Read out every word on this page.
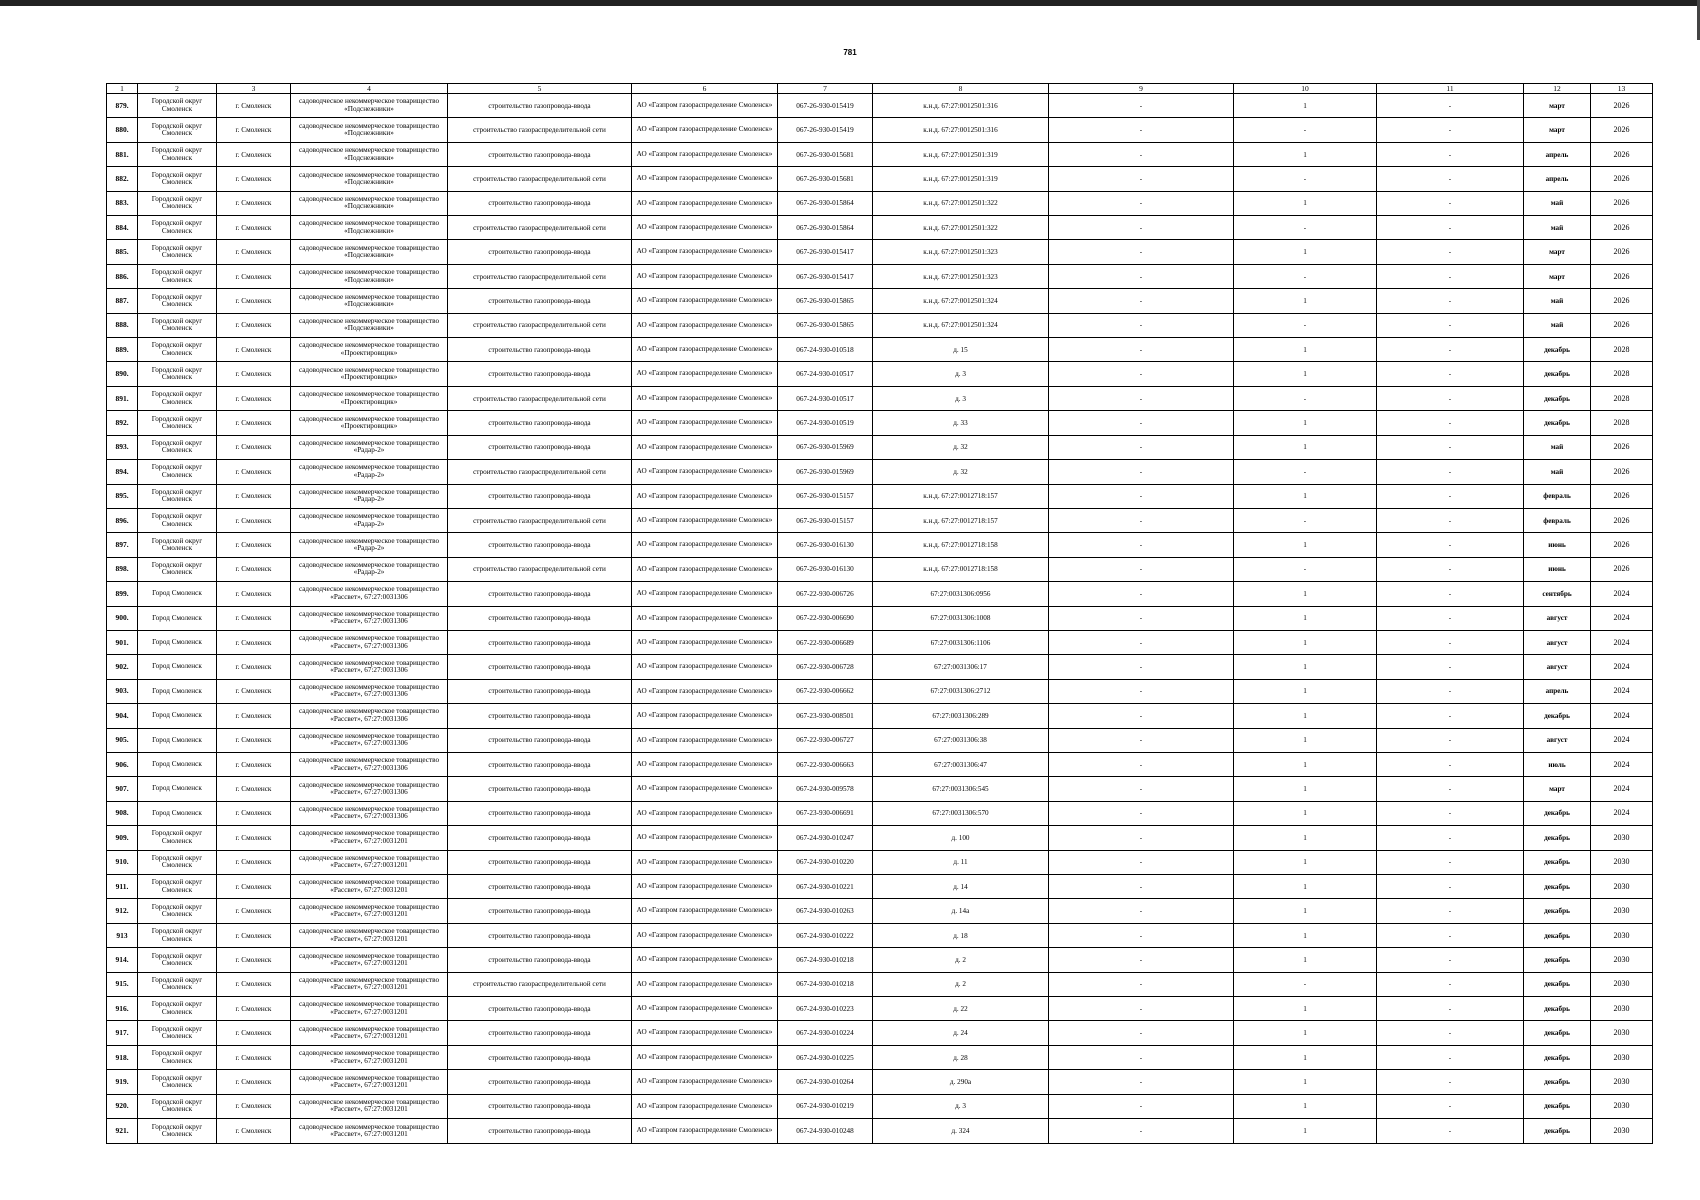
781
1	2	3	4	5	6	7	8	9	10	11	12	13
879.	Городской округ Смоленск	г. Смоленск	садоводческое некоммерческое товарищество «Подснежники»	строительство газопровода-ввода	АО «Газпром газораспределение Смоленск»	067-26-930-015419	к.н.д. 67:27:0012501:316	-	1	-	март	2026
880.	Городской округ Смоленск	г. Смоленск	садоводческое некоммерческое товарищество «Подснежники»	строительство газораспределительной сети	АО «Газпром газораспределение Смоленск»	067-26-930-015419	к.н.д. 67:27:0012501:316	-	-	-	март	2026
881.	Городской округ Смоленск	г. Смоленск	садоводческое некоммерческое товарищество «Подснежники»	строительство газопровода-ввода	АО «Газпром газораспределение Смоленск»	067-26-930-015681	к.н.д. 67:27:0012501:319	-	1	-	апрель	2026
882.	Городской округ Смоленск	г. Смоленск	садоводческое некоммерческое товарищество «Подснежники»	строительство газораспределительной сети	АО «Газпром газораспределение Смоленск»	067-26-930-015681	к.н.д. 67:27:0012501:319	-	-	-	апрель	2026
883.	Городской округ Смоленск	г. Смоленск	садоводческое некоммерческое товарищество «Подснежники»	строительство газопровода-ввода	АО «Газпром газораспределение Смоленск»	067-26-930-015864	к.н.д. 67:27:0012501:322	-	1	-	май	2026
884.	Городской округ Смоленск	г. Смоленск	садоводческое некоммерческое товарищество «Подснежники»	строительство газораспределительной сети	АО «Газпром газораспределение Смоленск»	067-26-930-015864	к.н.д. 67:27:0012501:322	-	-	-	май	2026
885.	Городской округ Смоленск	г. Смоленск	садоводческое некоммерческое товарищество «Подснежники»	строительство газопровода-ввода	АО «Газпром газораспределение Смоленск»	067-26-930-015417	к.н.д. 67:27:0012501:323	-	1	-	март	2026
886.	Городской округ Смоленск	г. Смоленск	садоводческое некоммерческое товарищество «Подснежники»	строительство газораспределительной сети	АО «Газпром газораспределение Смоленск»	067-26-930-015417	к.н.д. 67:27:0012501:323	-	-	-	март	2026
887.	Городской округ Смоленск	г. Смоленск	садоводческое некоммерческое товарищество «Подснежники»	строительство газопровода-ввода	АО «Газпром газораспределение Смоленск»	067-26-930-015865	к.н.д. 67:27:0012501:324	-	1	-	май	2026
888.	Городской округ Смоленск	г. Смоленск	садоводческое некоммерческое товарищество «Подснежники»	строительство газораспределительной сети	АО «Газпром газораспределение Смоленск»	067-26-930-015865	к.н.д. 67:27:0012501:324	-	-	-	май	2026
889.	Городской округ Смоленск	г. Смоленск	садоводческое некоммерческое товарищество «Проектировщик»	строительство газопровода-ввода	АО «Газпром газораспределение Смоленск»	067-24-930-010518	д. 15	-	1	-	декабрь	2028
890.	Городской округ Смоленск	г. Смоленск	садоводческое некоммерческое товарищество «Проектировщик»	строительство газопровода-ввода	АО «Газпром газораспределение Смоленск»	067-24-930-010517	д. 3	-	1	-	декабрь	2028
891.	Городской округ Смоленск	г. Смоленск	садоводческое некоммерческое товарищество «Проектировщик»	строительство газораспределительной сети	АО «Газпром газораспределение Смоленск»	067-24-930-010517	д. 3	-	-	-	декабрь	2028
892.	Городской округ Смоленск	г. Смоленск	садоводческое некоммерческое товарищество «Проектировщик»	строительство газопровода-ввода	АО «Газпром газораспределение Смоленск»	067-24-930-010519	д. 33	-	1	-	декабрь	2028
893.	Городской округ Смоленск	г. Смоленск	садоводческое некоммерческое товарищество «Радар-2»	строительство газопровода-ввода	АО «Газпром газораспределение Смоленск»	067-26-930-015969	д. 32	-	1	-	май	2026
894.	Городской округ Смоленск	г. Смоленск	садоводческое некоммерческое товарищество «Радар-2»	строительство газораспределительной сети	АО «Газпром газораспределение Смоленск»	067-26-930-015969	д. 32	-	-	-	май	2026
895.	Городской округ Смоленск	г. Смоленск	садоводческое некоммерческое товарищество «Радар-2»	строительство газопровода-ввода	АО «Газпром газораспределение Смоленск»	067-26-930-015157	к.н.д. 67:27:0012718:157	-	1	-	февраль	2026
896.	Городской округ Смоленск	г. Смоленск	садоводческое некоммерческое товарищество «Радар-2»	строительство газораспределительной сети	АО «Газпром газораспределение Смоленск»	067-26-930-015157	к.н.д. 67:27:0012718:157	-	-	-	февраль	2026
897.	Городской округ Смоленск	г. Смоленск	садоводческое некоммерческое товарищество «Радар-2»	строительство газопровода-ввода	АО «Газпром газораспределение Смоленск»	067-26-930-016130	к.н.д. 67:27:0012718:158	-	1	-	июнь	2026
898.	Городской округ Смоленск	г. Смоленск	садоводческое некоммерческое товарищество «Радар-2»	строительство газораспределительной сети	АО «Газпром газораспределение Смоленск»	067-26-930-016130	к.н.д. 67:27:0012718:158	-	-	-	июнь	2026
899.	Город Смоленск	г. Смоленск	садоводческое некоммерческое товарищество «Рассвет», 67:27:0031306	строительство газопровода-ввода	АО «Газпром газораспределение Смоленск»	067-22-930-006726	67:27:0031306:0956	-	1	-	сентябрь	2024
900.	Город Смоленск	г. Смоленск	садоводческое некоммерческое товарищество «Рассвет», 67:27:0031306	строительство газопровода-ввода	АО «Газпром газораспределение Смоленск»	067-22-930-006690	67:27:0031306:1008	-	1	-	август	2024
901.	Город Смоленск	г. Смоленск	садоводческое некоммерческое товарищество «Рассвет», 67:27:0031306	строительство газопровода-ввода	АО «Газпром газораспределение Смоленск»	067-22-930-006689	67:27:0031306:1106	-	1	-	август	2024
902.	Город Смоленск	г. Смоленск	садоводческое некоммерческое товарищество «Рассвет», 67:27:0031306	строительство газопровода-ввода	АО «Газпром газораспределение Смоленск»	067-22-930-006728	67:27:0031306:17	-	1	-	август	2024
903.	Город Смоленск	г. Смоленск	садоводческое некоммерческое товарищество «Рассвет», 67:27:0031306	строительство газопровода-ввода	АО «Газпром газораспределение Смоленск»	067-22-930-006662	67:27:0031306:2712	-	1	-	апрель	2024
904.	Город Смоленск	г. Смоленск	садоводческое некоммерческое товарищество «Рассвет», 67:27:0031306	строительство газопровода-ввода	АО «Газпром газораспределение Смоленск»	067-23-930-008501	67:27:0031306:289	-	1	-	декабрь	2024
905.	Город Смоленск	г. Смоленск	садоводческое некоммерческое товарищество «Рассвет», 67:27:0031306	строительство газопровода-ввода	АО «Газпром газораспределение Смоленск»	067-22-930-006727	67:27:0031306:38	-	1	-	август	2024
906.	Город Смоленск	г. Смоленск	садоводческое некоммерческое товарищество «Рассвет», 67:27:0031306	строительство газопровода-ввода	АО «Газпром газораспределение Смоленск»	067-22-930-006663	67:27:0031306:47	-	1	-	июль	2024
907.	Город Смоленск	г. Смоленск	садоводческое некоммерческое товарищество «Рассвет», 67:27:0031306	строительство газопровода-ввода	АО «Газпром газораспределение Смоленск»	067-24-930-009578	67:27:0031306:545	-	1	-	март	2024
908.	Город Смоленск	г. Смоленск	садоводческое некоммерческое товарищество «Рассвет», 67:27:0031306	строительство газопровода-ввода	АО «Газпром газораспределение Смоленск»	067-23-930-006691	67:27:0031306:570	-	1	-	декабрь	2024
909.	Городской округ Смоленск	г. Смоленск	садоводческое некоммерческое товарищество «Рассвет», 67:27:0031201	строительство газопровода-ввода	АО «Газпром газораспределение Смоленск»	067-24-930-010247	д. 100	-	1	-	декабрь	2030
910.	Городской округ Смоленск	г. Смоленск	садоводческое некоммерческое товарищество «Рассвет», 67:27:0031201	строительство газопровода-ввода	АО «Газпром газораспределение Смоленск»	067-24-930-010220	д. 11	-	1	-	декабрь	2030
911.	Городской округ Смоленск	г. Смоленск	садоводческое некоммерческое товарищество «Рассвет», 67:27:0031201	строительство газопровода-ввода	АО «Газпром газораспределение Смоленск»	067-24-930-010221	д. 14	-	1	-	декабрь	2030
912.	Городской округ Смоленск	г. Смоленск	садоводческое некоммерческое товарищество «Рассвет», 67:27:0031201	строительство газопровода-ввода	АО «Газпром газораспределение Смоленск»	067-24-930-010263	д. 14а	-	1	-	декабрь	2030
913	Городской округ Смоленск	г. Смоленск	садоводческое некоммерческое товарищество «Рассвет», 67:27:0031201	строительство газопровода-ввода	АО «Газпром газораспределение Смоленск»	067-24-930-010222	д. 18	-	1	-	декабрь	2030
914.	Городской округ Смоленск	г. Смоленск	садоводческое некоммерческое товарищество «Рассвет», 67:27:0031201	строительство газопровода-ввода	АО «Газпром газораспределение Смоленск»	067-24-930-010218	д. 2	-	1	-	декабрь	2030
915.	Городской округ Смоленск	г. Смоленск	садоводческое некоммерческое товарищество «Рассвет», 67:27:0031201	строительство газораспределительной сети	АО «Газпром газораспределение Смоленск»	067-24-930-010218	д. 2	-	-	-	декабрь	2030
916.	Городской округ Смоленск	г. Смоленск	садоводческое некоммерческое товарищество «Рассвет», 67:27:0031201	строительство газопровода-ввода	АО «Газпром газораспределение Смоленск»	067-24-930-010223	д. 22	-	1	-	декабрь	2030
917.	Городской округ Смоленск	г. Смоленск	садоводческое некоммерческое товарищество «Рассвет», 67:27:0031201	строительство газопровода-ввода	АО «Газпром газораспределение Смоленск»	067-24-930-010224	д. 24	-	1	-	декабрь	2030
918.	Городской округ Смоленск	г. Смоленск	садоводческое некоммерческое товарищество «Рассвет», 67:27:0031201	строительство газопровода-ввода	АО «Газпром газораспределение Смоленск»	067-24-930-010225	д. 28	-	1	-	декабрь	2030
919.	Городской округ Смоленск	г. Смоленск	садоводческое некоммерческое товарищество «Рассвет», 67:27:0031201	строительство газопровода-ввода	АО «Газпром газораспределение Смоленск»	067-24-930-010264	д. 290а	-	1	-	декабрь	2030
920.	Городской округ Смоленск	г. Смоленск	садоводческое некоммерческое товарищество «Рассвет», 67:27:0031201	строительство газопровода-ввода	АО «Газпром газораспределение Смоленск»	067-24-930-010219	д. 3	-	1	-	декабрь	2030
921.	Городской округ Смоленск	г. Смоленск	садоводческое некоммерческое товарищество «Рассвет», 67:27:0031201	строительство газопровода-ввода	АО «Газпром газораспределение Смоленск»	067-24-930-010248	д. 324	-	1	-	декабрь	2030
